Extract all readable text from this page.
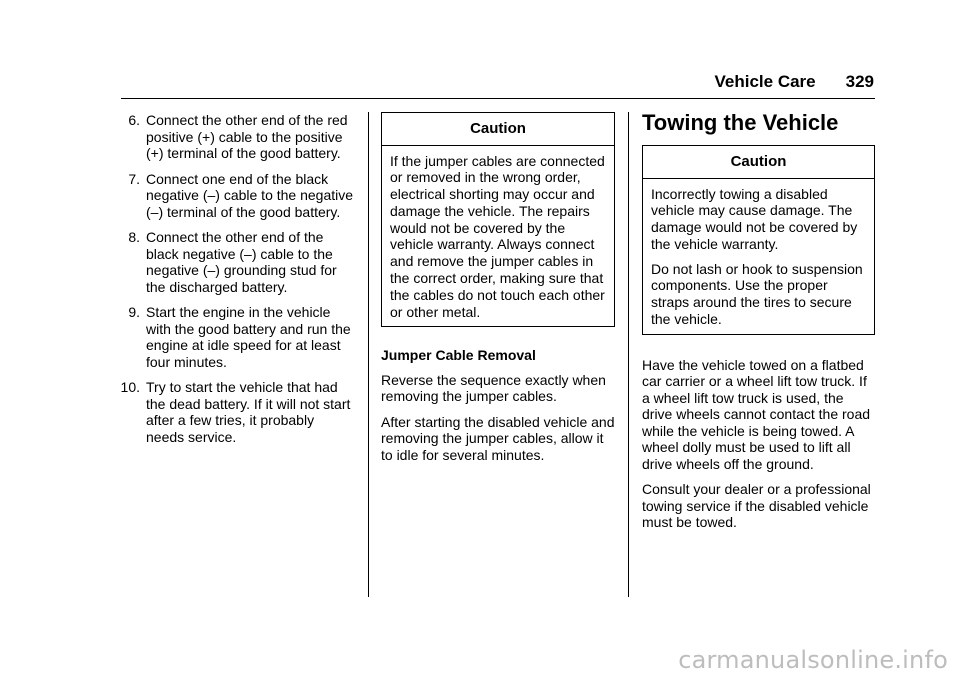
Vehicle Care 329
6. Connect the other end of the red positive (+) cable to the positive (+) terminal of the good battery.
7. Connect one end of the black negative (–) cable to the negative (–) terminal of the good battery.
8. Connect the other end of the black negative (–) cable to the negative (–) grounding stud for the discharged battery.
9. Start the engine in the vehicle with the good battery and run the engine at idle speed for at least four minutes.
10. Try to start the vehicle that had the dead battery. If it will not start after a few tries, it probably needs service.
Caution

If the jumper cables are connected or removed in the wrong order, electrical shorting may occur and damage the vehicle. The repairs would not be covered by the vehicle warranty. Always connect and remove the jumper cables in the correct order, making sure that the cables do not touch each other or other metal.

Jumper Cable Removal

Reverse the sequence exactly when removing the jumper cables.

After starting the disabled vehicle and removing the jumper cables, allow it to idle for several minutes.

Towing the Vehicle
Caution

Incorrectly towing a disabled vehicle may cause damage. The damage would not be covered by the vehicle warranty.

Do not lash or hook to suspension components. Use the proper straps around the tires to secure the vehicle.

Have the vehicle towed on a flatbed car carrier or a wheel lift tow truck. If a wheel lift tow truck is used, the drive wheels cannot contact the road while the vehicle is being towed. A wheel dolly must be used to lift all drive wheels off the ground.

Consult your dealer or a professional towing service if the disabled vehicle must be towed.

carmanualsonline.info
